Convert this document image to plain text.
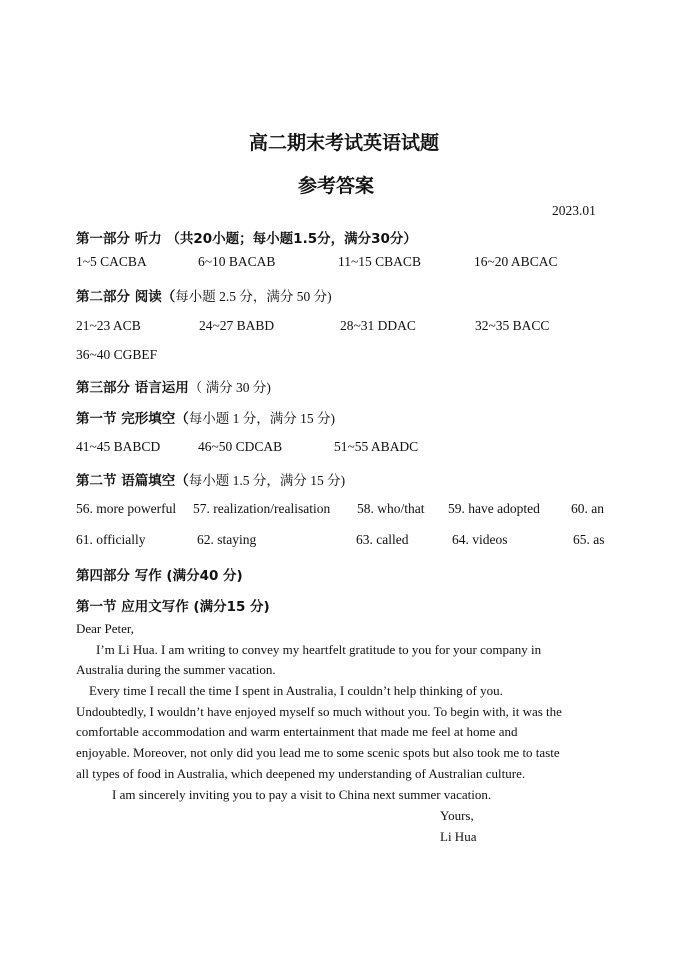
高二期末考试英语试题
参考答案
2023.01
第一部分 听力 （共20小题；每小题1.5分，满分30分）
1~5 CACBA	6~10 BACAB	11~15 CBACB	16~20 ABCAC
第二部分 阅读（每小题 2.5 分，满分 50 分)
21~23 ACB	24~27 BABD	28~31 DDAC	32~35 BACC
36~40 CGBEF
第三部分 语言运用（ 满分 30 分)
第一节 完形填空（每小题 1 分，满分 15 分)
41~45 BABCD	46~50 CDCAB	51~55 ABADC
第二节 语篇填空（每小题 1.5 分，满分 15 分)
56. more powerful 57. realization/realisation 58. who/that 59. have adopted 60. an
61. officially	62. staying	63. called	64. videos	65. as
第四部分 写作 (满分40 分)
第一节 应用文写作 (满分15 分)
Dear Peter,
I’m Li Hua. I am writing to convey my heartfelt gratitude to you for your company in
Australia during the summer vacation.
Every time I recall the time I spent in Australia, I couldn’t help thinking of you.
Undoubtedly, I wouldn’t have enjoyed myself so much without you. To begin with, it was the
comfortable accommodation and warm entertainment that made me feel at home and
enjoyable. Moreover, not only did you lead me to some scenic spots but also took me to taste
all types of food in Australia, which deepened my understanding of Australian culture.
I am sincerely inviting you to pay a visit to China next summer vacation.
Yours,
Li Hua
